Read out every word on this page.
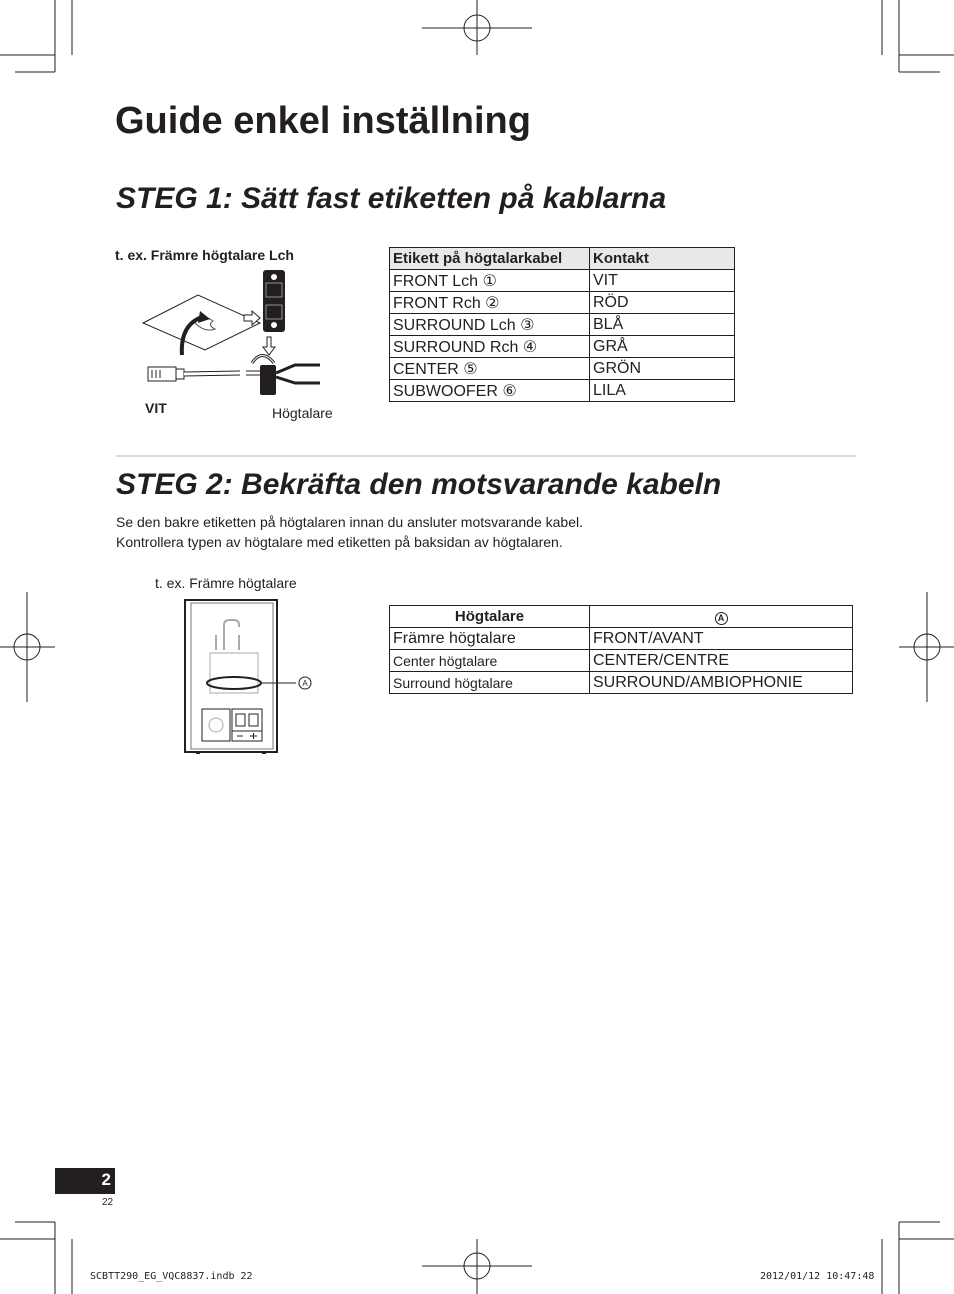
Guide enkel inställning
STEG 1: Sätt fast etiketten på kablarna
t. ex. Främre högtalare Lch
VIT	Högtalare
Etikett på högtalarkabel	Kontakt
FRONT Lch ①	VIT
FRONT Rch ②	RÖD
SURROUND Lch ③	BLÅ
SURROUND Rch ④	GRÅ
CENTER ⑤	GRÖN
SUBWOOFER ⑥	LILA
STEG 2: Bekräfta den motsvarande kabeln
Se den bakre etiketten på högtalaren innan du ansluter motsvarande kabel.
Kontrollera typen av högtalare med etiketten på baksidan av högtalaren.
t. ex. Främre högtalare
A
Högtalare	A
Främre högtalare	FRONT/AVANT
Center högtalare	CENTER/CENTRE
Surround högtalare	SURROUND/AMBIOPHONIE
2
22
SCBTT290_EG_VQC8837.indb 22	2012/01/12 10:47:48
